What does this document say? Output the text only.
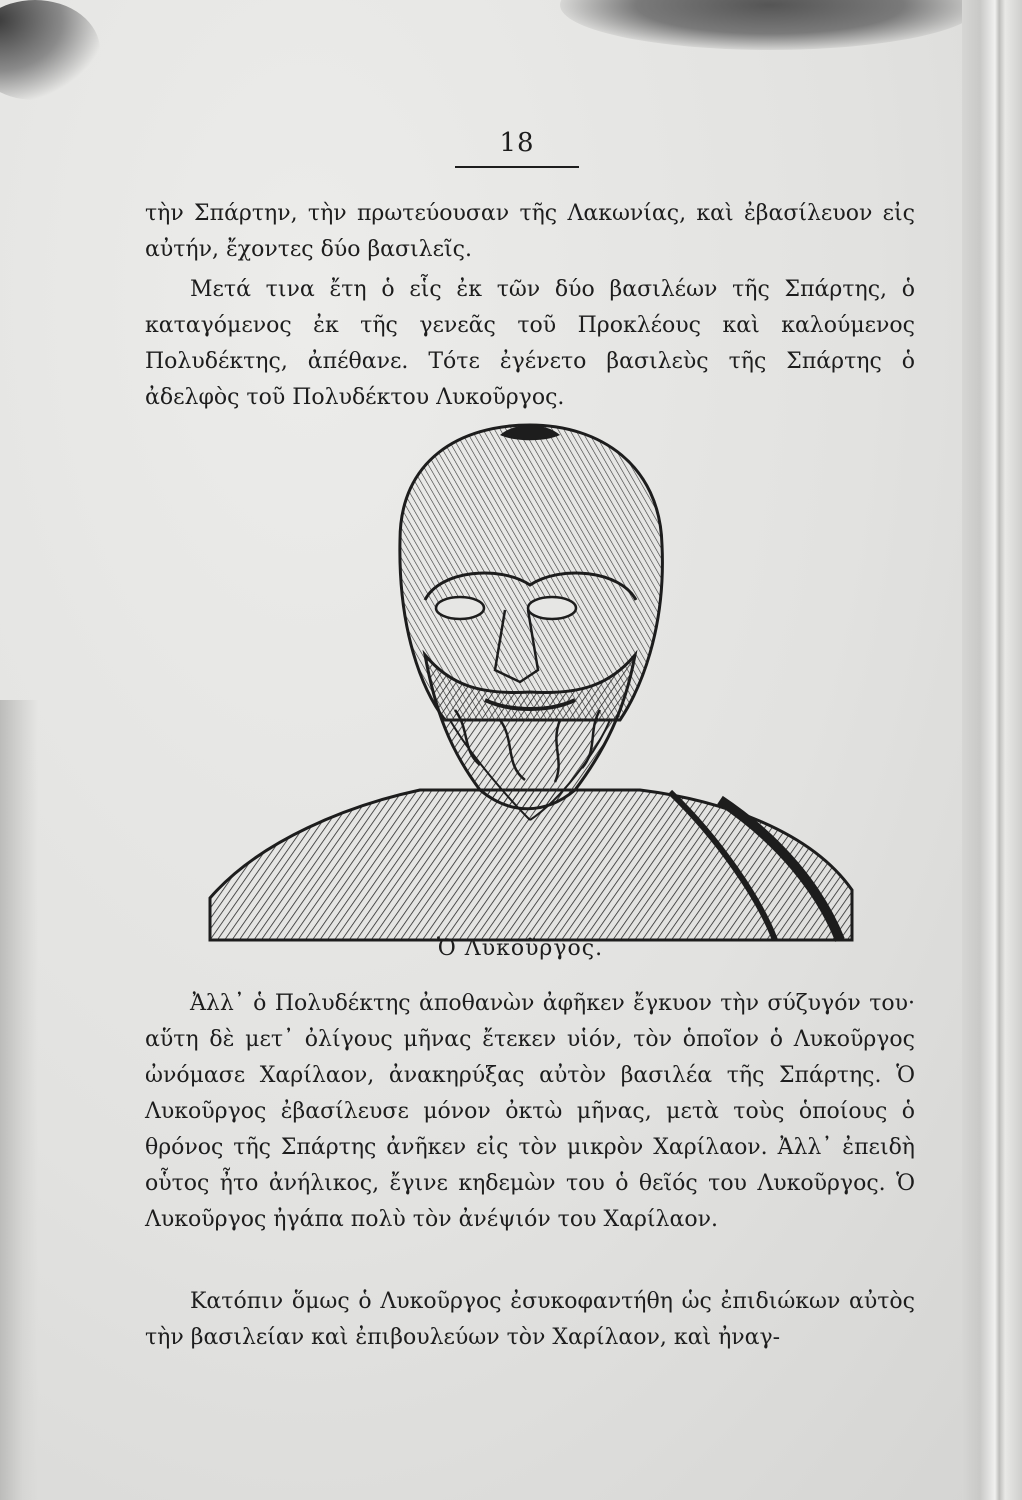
18

τὴν Σπάρτην, τὴν πρωτεύουσαν τῆς Λακωνίας, καὶ ἐβασίλευον εἰς αὐτήν, ἔχοντες δύο βασιλεῖς.

Μετά τινα ἔτη ὁ εἷς ἐκ τῶν δύο βασιλέων τῆς Σπάρτης, ὁ καταγόμενος ἐκ τῆς γενεᾶς τοῦ Προκλέους καὶ καλούμενος Πολυδέκτης, ἀπέθανε. Τότε ἐγένετο βασιλεὺς τῆς Σπάρτης ὁ ἀδελφὸς τοῦ Πολυδέκτου Λυκοῦργος.

Ὁ Λυκοῦργος.

Ἀλλ᾽ ὁ Πολυδέκτης ἀποθανὼν ἀφῆκεν ἔγκυον τὴν σύζυγόν του· αὕτη δὲ μετ᾽ ὀλίγους μῆνας ἔτεκεν υἱόν, τὸν ὁποῖον ὁ Λυκοῦργος ὠνόμασε Χαρίλαον, ἀνακηρύξας αὐτὸν βασιλέα τῆς Σπάρτης. Ὁ Λυκοῦργος ἐβασίλευσε μόνον ὀκτὼ μῆνας, μετὰ τοὺς ὁποίους ὁ θρόνος τῆς Σπάρτης ἀνῆκεν εἰς τὸν μικρὸν Χαρίλαον. Ἀλλ᾽ ἐπειδὴ οὗτος ἦτο ἀνήλικος, ἔγινε κηδεμὼν του ὁ θεῖός του Λυκοῦργος. Ὁ Λυκοῦργος ἠγάπα πολὺ τὸν ἀνέψιόν του Χαρίλαον.

Κατόπιν ὅμως ὁ Λυκοῦργος ἐσυκοφαντήθη ὡς ἐπιδιώκων αὐτὸς τὴν βασιλείαν καὶ ἐπιβουλεύων τὸν Χαρίλαον, καὶ ἠναγ-
